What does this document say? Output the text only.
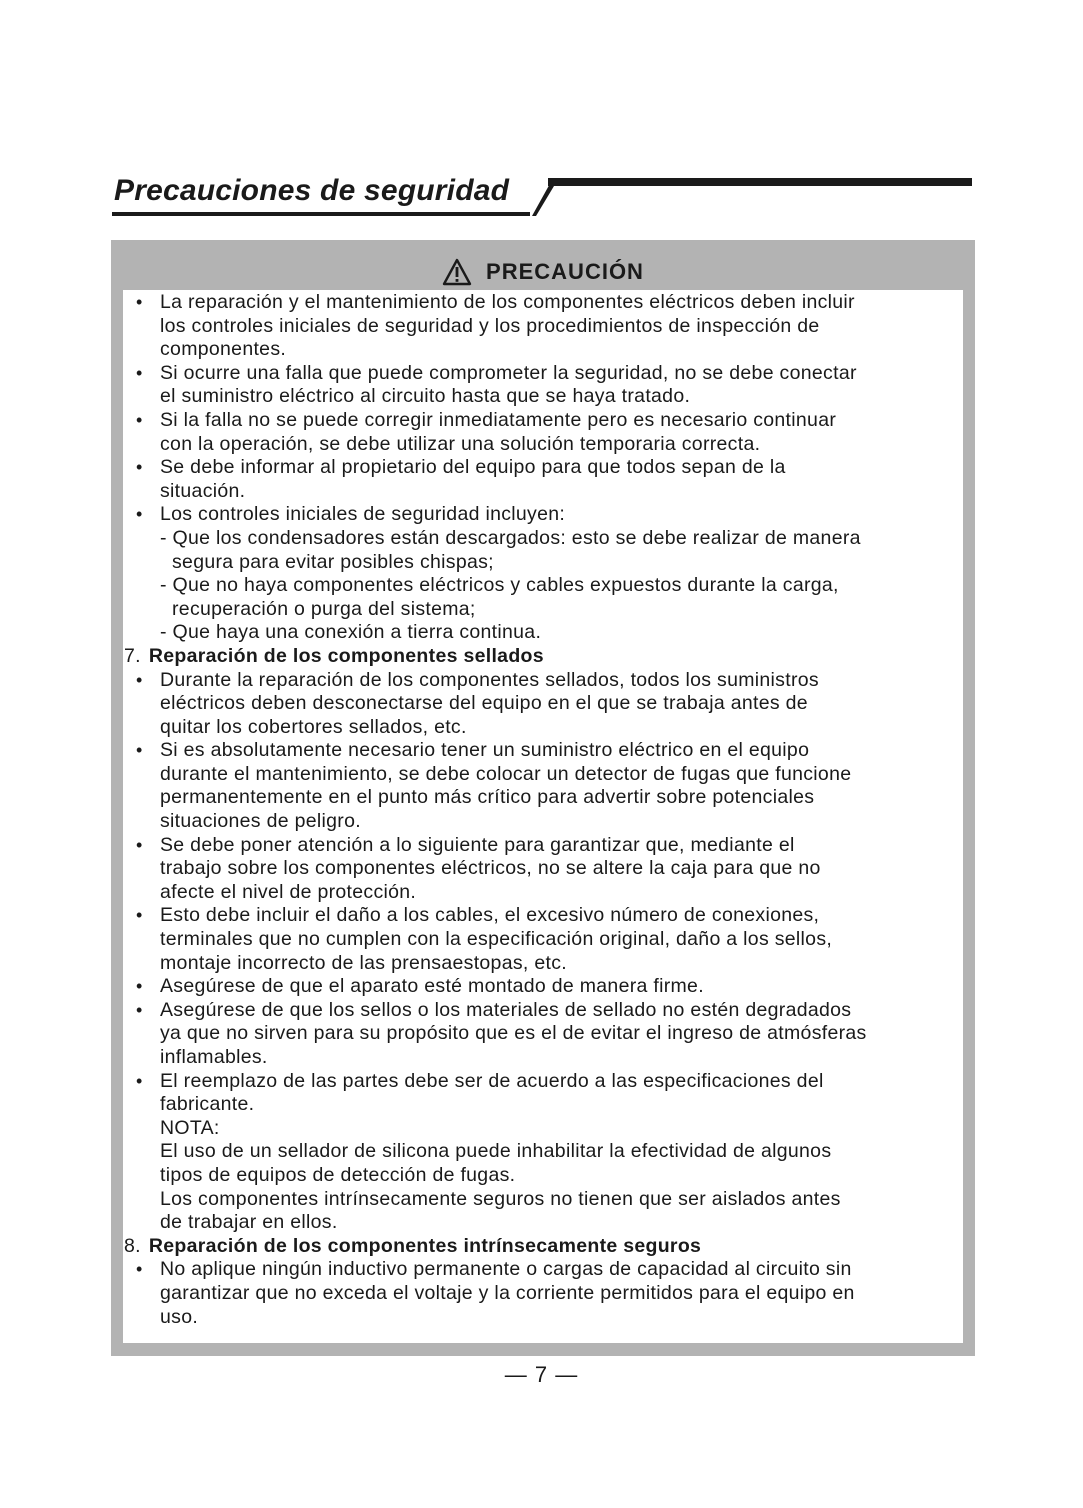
Precauciones de seguridad
PRECAUCIÓN
• La reparación y el mantenimiento de los componentes eléctricos deben incluir
los controles iniciales de seguridad y los procedimientos de inspección de
componentes.
• Si ocurre una falla que puede comprometer la seguridad, no se debe conectar
el suministro eléctrico al circuito hasta que se haya tratado.
• Si la falla no se puede corregir inmediatamente pero es necesario continuar
con la operación, se debe utilizar una solución temporaria correcta.
• Se debe informar al propietario del equipo para que todos sepan de la
situación.
• Los controles iniciales de seguridad incluyen:
- Que los condensadores están descargados: esto se debe realizar de manera
segura para evitar posibles chispas;
- Que no haya componentes eléctricos y cables expuestos durante la carga,
recuperación o purga del sistema;
- Que haya una conexión a tierra continua.
7. Reparación de los componentes sellados
• Durante la reparación de los componentes sellados, todos los suministros
eléctricos deben desconectarse del equipo en el que se trabaja antes de
quitar los cobertores sellados, etc.
• Si es absolutamente necesario tener un suministro eléctrico en el equipo
durante el mantenimiento, se debe colocar un detector de fugas que funcione
permanentemente en el punto más crítico para advertir sobre potenciales
situaciones de peligro.
• Se debe poner atención a lo siguiente para garantizar que, mediante el
trabajo sobre los componentes eléctricos, no se altere la caja para que no
afecte el nivel de protección.
• Esto debe incluir el daño a los cables, el excesivo número de conexiones,
terminales que no cumplen con la especificación original, daño a los sellos,
montaje incorrecto de las prensaestopas, etc.
• Asegúrese de que el aparato esté montado de manera firme.
• Asegúrese de que los sellos o los materiales de sellado no estén degradados
ya que no sirven para su propósito que es el de evitar el ingreso de atmósferas
inflamables.
• El reemplazo de las partes debe ser de acuerdo a las especificaciones del
fabricante.
NOTA:
El uso de un sellador de silicona puede inhabilitar la efectividad de algunos
tipos de equipos de detección de fugas.
Los componentes intrínsecamente seguros no tienen que ser aislados antes
de trabajar en ellos.
8. Reparación de los componentes intrínsecamente seguros
• No aplique ningún inductivo permanente o cargas de capacidad al circuito sin
garantizar que no exceda el voltaje y la corriente permitidos para el equipo en
uso.
— 7 —
